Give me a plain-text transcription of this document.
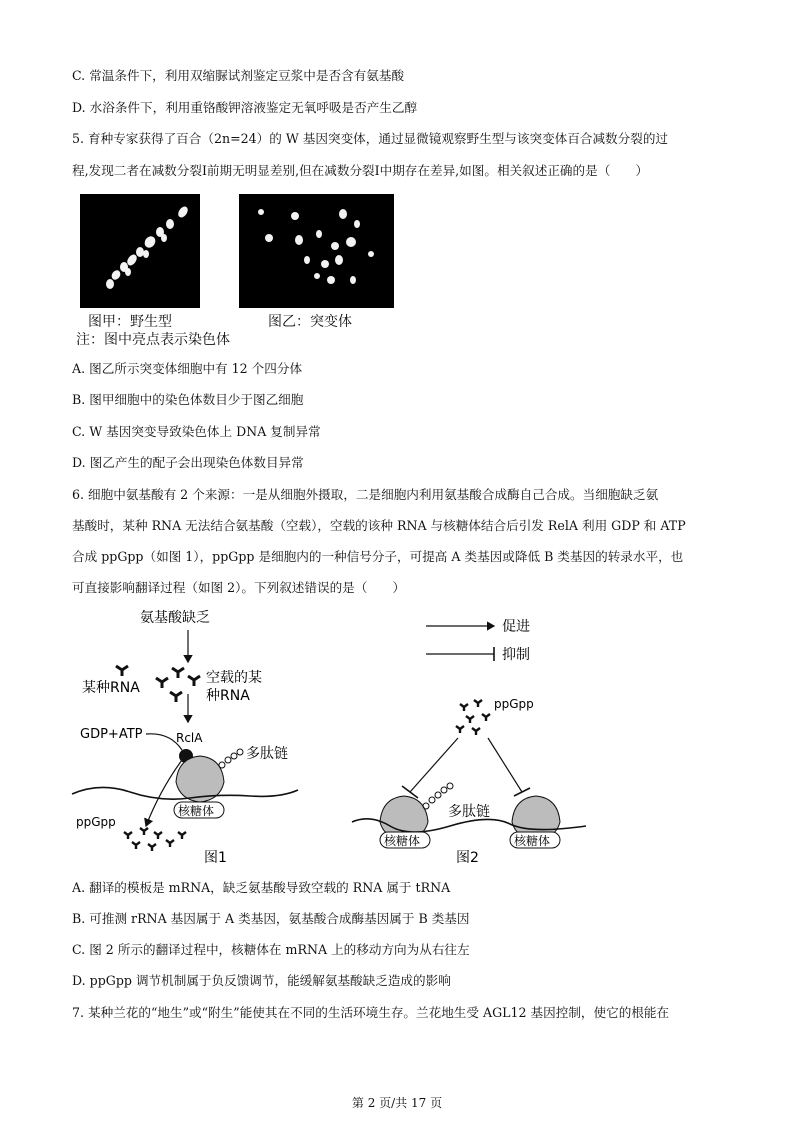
C. 常温条件下，利用双缩脲试剂鉴定豆浆中是否含有氨基酸
D. 水浴条件下，利用重铬酸钾溶液鉴定无氧呼吸是否产生乙醇
5. 育种专家获得了百合（2n=24）的 W 基因突变体，通过显微镜观察野生型与该突变体百合减数分裂的过
程,发现二者在减数分裂Ⅰ前期无明显差别,但在减数分裂Ⅰ中期存在差异,如图。相关叙述正确的是（　　）
图甲：野生型	图乙：突变体
注：图中亮点表示染色体
A. 图乙所示突变体细胞中有 12 个四分体
B. 图甲细胞中的染色体数目少于图乙细胞
C. W 基因突变导致染色体上 DNA 复制异常
D. 图乙产生的配子会出现染色体数目异常
6. 细胞中氨基酸有 2 个来源：一是从细胞外摄取，二是细胞内利用氨基酸合成酶自己合成。当细胞缺乏氨
基酸时，某种 RNA 无法结合氨基酸（空载），空载的该种 RNA 与核糖体结合后引发 RelA 利用 GDP 和 ATP
合成 ppGpp（如图 1），ppGpp 是细胞内的一种信号分子，可提高 A 类基因或降低 B 类基因的转录水平，也
可直接影响翻译过程（如图 2）。下列叙述错误的是（　　）
氨基酸缺乏
某种RNA
空载的某
种RNA
GDP+ATP	RclA
多肽链
核糖体
ppGpp
图1
促进
抑制
ppGpp
多肽链
核糖体	核糖体
图2
A. 翻译的模板是 mRNA，缺乏氨基酸导致空载的 RNA 属于 tRNA
B. 可推测 rRNA 基因属于 A 类基因，氨基酸合成酶基因属于 B 类基因
C. 图 2 所示的翻译过程中，核糖体在 mRNA 上的移动方向为从右往左
D. ppGpp 调节机制属于负反馈调节，能缓解氨基酸缺乏造成的影响
7. 某种兰花的“地生”或“附生”能使其在不同的生活环境生存。兰花地生受 AGL12 基因控制，使它的根能在
第 2 页/共 17 页
